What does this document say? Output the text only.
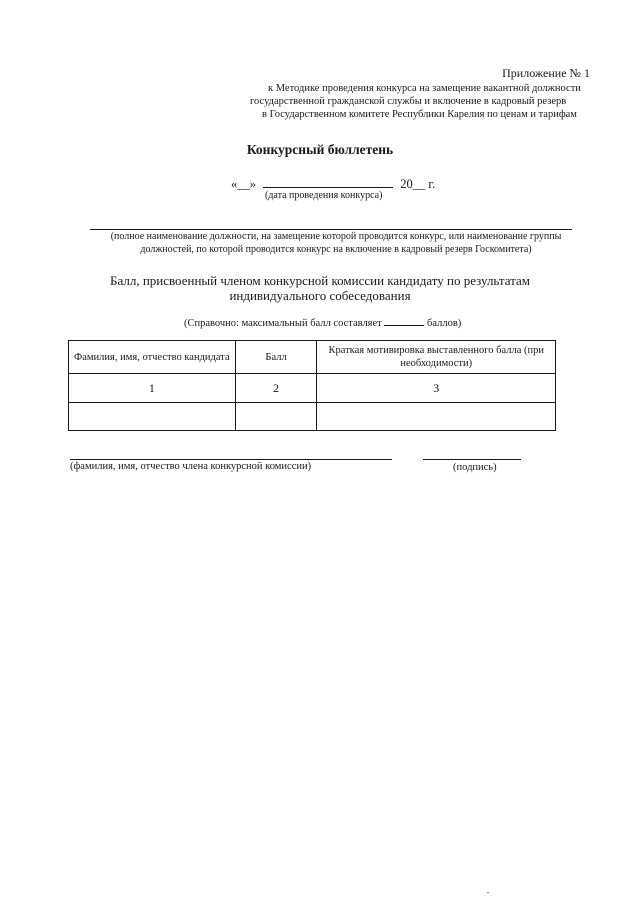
Приложение № 1
к Методике проведения конкурса на замещение вакантной должности
государственной гражданской службы и включение в кадровый резерв
в Государственном комитете Республики Карелия по ценам и тарифам
Конкурсный бюллетень
«__»	20__ г.
(дата проведения конкурса)
(полное наименование должности, на замещение которой проводится конкурс, или наименование группы
должностей, по которой проводится конкурс на включение в кадровый резерв Госкомитета)
Балл, присвоенный членом конкурсной комиссии кандидату по результатам
индивидуального собеседования
(Справочно: максимальный балл составляет	баллов)
Фамилия, имя, отчество кандидата	Балл	Краткая мотивировка выставленного балла (при необходимости)
1	2	3

(фамилия, имя, отчество члена конкурсной комиссии)	(подпись)
